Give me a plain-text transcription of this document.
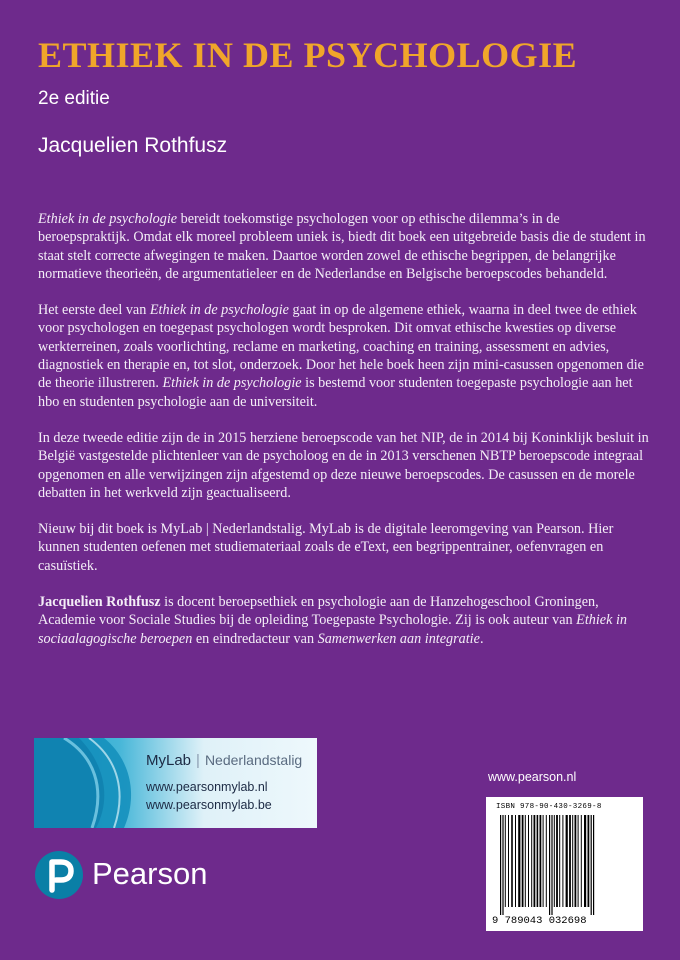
ETHIEK IN DE PSYCHOLOGIE
2e editie
Jacquelien Rothfusz

Ethiek in de psychologie bereidt toekomstige psychologen voor op ethische dilemma’s in de beroepspraktijk. Omdat elk moreel probleem uniek is, biedt dit boek een uitgebreide basis die de student in staat stelt correcte afwegingen te maken. Daartoe worden zowel de ethische begrippen, de belangrijke normatieve theorieën, de argumentatieleer en de Nederlandse en Belgische beroepscodes behandeld.

Het eerste deel van Ethiek in de psychologie gaat in op de algemene ethiek, waarna in deel twee de ethiek voor psychologen en toegepast psychologen wordt besproken. Dit omvat ethische kwesties op diverse werkterreinen, zoals voorlichting, reclame en marketing, coaching en training, assessment en advies, diagnostiek en therapie en, tot slot, onderzoek. Door het hele boek heen zijn mini-casussen opgenomen die de theorie illustreren. Ethiek in de psychologie is bestemd voor studenten toegepaste psychologie aan het hbo en studenten psychologie aan de universiteit.

In deze tweede editie zijn de in 2015 herziene beroepscode van het NIP, de in 2014 bij Koninklijk besluit in België vastgestelde plichtenleer van de psycholoog en de in 2013 verschenen NBTP beroepscode integraal opgenomen en alle verwijzingen zijn afgestemd op deze nieuwe beroepscodes. De casussen en de morele debatten in het werkveld zijn geactualiseerd.

Nieuw bij dit boek is MyLab | Nederlandstalig. MyLab is de digitale leeromgeving van Pearson. Hier kunnen studenten oefenen met studiemateriaal zoals de eText, een begrippentrainer, oefenvragen en casuïstiek.

Jacquelien Rothfusz is docent beroepsethiek en psychologie aan de Hanzehogeschool Groningen, Academie voor Sociale Studies bij de opleiding Toegepaste Psychologie. Zij is ook auteur van Ethiek in sociaalagogische beroepen en eindredacteur van Samenwerken aan integratie.

MyLab | Nederlandstalig
www.pearsonmylab.nl
www.pearsonmylab.be
Pearson
www.pearson.nl
ISBN 978-90-430-3269-8
9 789043 032698
